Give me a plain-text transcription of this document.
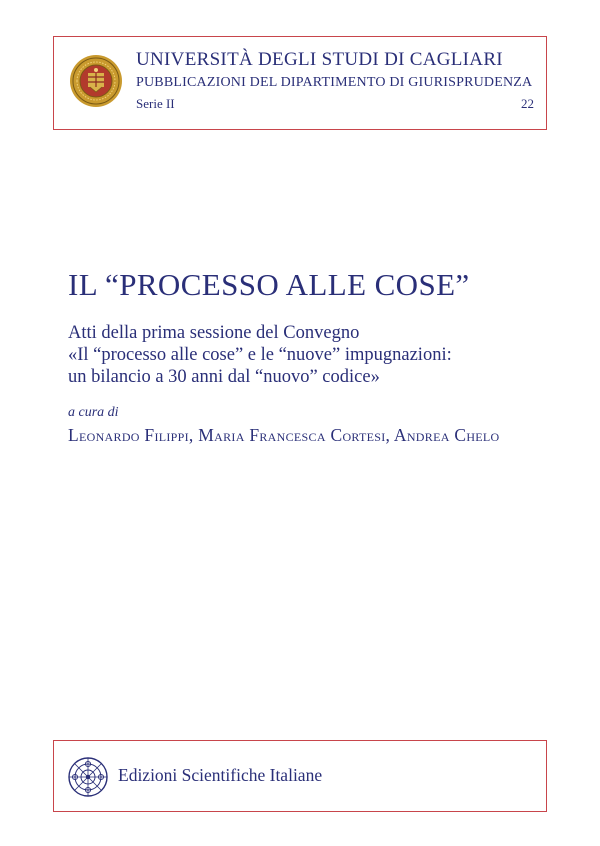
UNIVERSITÀ DEGLI STUDI DI CAGLIARI
PUBBLICAZIONI DEL DIPARTIMENTO DI GIURISPRUDENZA
Serie II	22
IL “PROCESSO ALLE COSE”
Atti della prima sessione del Convegno
«Il “processo alle cose” e le “nuove” impugnazioni:
un bilancio a 30 anni dal “nuovo” codice»
a cura di
Leonardo Filippi, Maria Francesca Cortesi, Andrea Chelo
Edizioni Scientifiche Italiane
